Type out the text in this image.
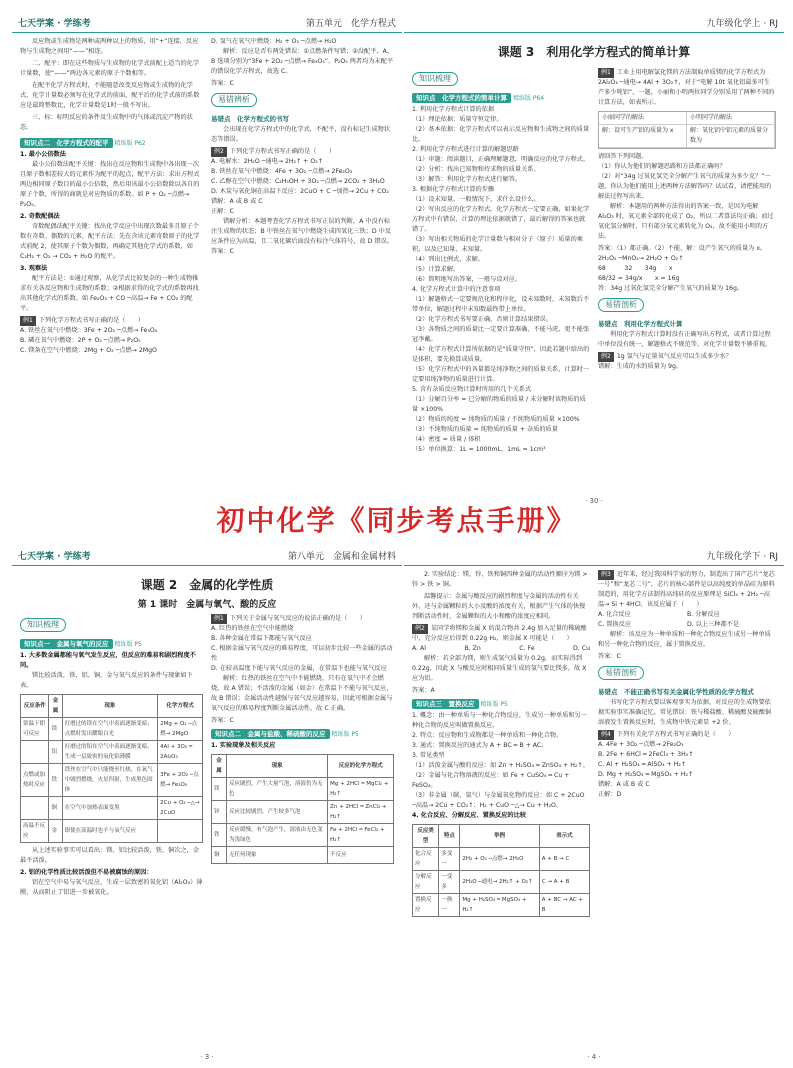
七天学案 · 学练考	第五单元　化学方程式

反应物或生成物是两种或两种以上的物质，用“+”连接，反应物与生成物之间用“——”相连。

二、配平：即在这些物质与生成物的化学式前配上适当的化学计量数，使“——”两边各元素的原子个数相等。

在配平化学方程式时，不能随意改变反应物或生成物的化学式，化学计量数必须写在化学式的前面，配平后的化学式前的系数应是最简整数比，化学计量数是1时一般不写出。

三、标：标明反应的条件及生成物中的气体或沉淀产物的状态。

知识点二　化学方程式的配平 精练版 P62
1. 最小公倍数法

最小公倍数法配平关键：找出在反应物和生成物中各出现一次且原子数相差较大的元素作为配平的起点，配平方法：求出方程式两边相同原子数目的最小公倍数，然后用该最小公倍数除以各自的原子个数，所得的商就是对应物质的系数。如 P + O₂ ─点燃→ P₂O₅。

2. 奇数配偶法

奇数配偶法配平关键：找出化学反应中出现次数最多且原子个数有奇数、偶数的元素，配平方法：先在含该元素奇数原子的化学式前配 2，使其原子个数为偶数，再确定其他化学式的系数，如 C₂H₂ + O₂ → CO₂ + H₂O 的配平。

3. 观察法

配平方法是：①通过观察，从化学式比较复杂的一种生成物推求有关各反应物和生成物的系数；②根据求得的化学式的系数再找出其他化学式的系数。如 Fe₂O₃ + CO ─高温→ Fe + CO₂ 的配平。

例1 下列化学方程式书写正确的是（　　）
A. 铁丝在氧气中燃烧：3Fe + 2O₂ ─点燃→ Fe₃O₄
B. 磷在氧气中燃烧：2P + O₂ ─点燃→ P₂O₅
C. 镁条在空气中燃烧：2Mg + O₂ ─点燃→ 2MgO
D. 氢气在氧气中燃烧：H₂ + O₂ ─点燃→ H₂O

解析：反应是否有两处错误：①点燃条件写错；②没配平。A、B 选项分别为“3Fe + 2O₂ ─点燃→ Fe₃O₄”、P₂O₅ 两者均为未配平的错误化学方程式，故选 C。

答案：C
易错辨析
易错点　化学方程式的书写

会出现在化学方程式中的化学式，不配平，没有标记生成物状态等错误。

例2 下列化学方程式书写正确的是（　　）
A. 电解水：2H₂O ─通电→ 2H₂↑ + O₂↑
B. 铁丝在氧气中燃烧：4Fe + 3O₂ ─点燃→ 2Fe₂O₃
C. 乙醇在空气中燃烧：C₂H₅OH + 3O₂ ─点燃→ 2CO₂ + 3H₂O
D. 木炭与氧化铜在高温下反应：2CuO + C ─加热→ 2Cu + CO₂
错解：A 或 B 或 C
正解：C

错解分析：本题考查化学方程式书写正误的判断，A 中没有标注生成物的状态；B 中铁丝在氧气中燃烧生成四氧化三铁；D 中反应条件应为高温，且二氧化碳后面没有标注气体符号，故 D 错误。答案：C

九年级化学上 · RJ
课题 3　利用化学方程式的简单计算
知识梳理
知识点　化学方程式的简单计算 精练版 P64
1. 利用化学方程式计算的依据
（1）理论依据：质量守恒定律。
（2）基本依据：化学方程式可以表示反应物和生成物之间的质量比。
2. 利用化学方程式进行计算的解题思路
（1）审题：阅读题目，正确理解题意，明确反应的化学方程式。
（2）分析：找出已知物和待求物的质量关系。
（3）解答：利用化学方程式进行解答。
3. 根据化学方程式计算的步骤
（1）设未知量，一般情况下，求什么设什么。
（2）写出反应的化学方程式。化学方程式一定要正确，如果化学方程式中有错误，计算的理论依据就错了，最后解得的答案也就错了。
（3）写出相关物质的化学计量数与相对分子（原子）质量的乘积，以及已知量、未知量。
（4）列出比例式，求解。
（5）计算求解。
（6）简明地写出答案，一般与设对应。
4. 化学方程式计算中的注意事项
（1）解题格式一定要规范化和程序化，设未知数时，未知数后不带单位，解题过程中未知数最终带上单位。
（2）化学方程式书写要正确，否则计算结果错误。
（3）各物质之间的质量比一定要计算准确，不能马虎，更不能张冠李戴。
（4）化学方程式计算所依据的是“质量守恒”，因此若题中给出的是体积，要先换算成质量。
（5）化学方程式中的各量都是纯净物之间的质量关系，计算时一定要用纯净物的质量进行计算。
5. 含有杂质反应物计算时所用的几个关系式
（1）分解百分率 = 已分解的物质的质量 / 未分解时该物质的质量 ×100%
（2）物质的纯度 = 纯物质的质量 / 不纯物质的质量 ×100%
（3）不纯物质的质量 = 纯物质的质量 + 杂质的质量
（4）密度 = 质量 / 体积
（5）单位换算：1L = 1000mL，1mL = 1cm³
例1 工业上用电解氯化镁的方法制取单质镁的化学方程式为 2Al₂O₃ ─通电→ 4Al + 3O₂↑，对于“电解 10t 氧化铝最多可生产多少吨铝”，一题，小丽和小明两位同学分别采用了两种不同的计算方法，如表所示。
小丽同学的解法	小明同学的解法
解：设可生产铝的质量为 x	解：氧化铝中铝元素的质量分数为
请回答下列问题。
（1）你认为他们的解题思路和方法都正确吗？
（2）对“34g 过氧化氢完全分解产生氧气的质量为多少克？”一题，你认为他们能用上述两种方法解答吗？试试看，请把能用的解法过程写出来。

解析：本题用的两种方法得出的答案一致，是因为电解 Al₂O₃ 时，氧元素全部转化成了 O₂，所以二者算法均正确；而过氧化氢分解时，只有部分氧元素转化为 O₂，故不能用小明的方法。

答案：（1）都正确。（2）不能，解：设产生氧气的质量为 x。
2H₂O₂ ─MnO₂→ 2H₂O + O₂↑
68　　　32　　34g　　x
68/32 = 34g/x　　x = 16g
答：34g 过氧化氢完全分解产生氧气的质量为 16g。
易错剖析
易错点　利用化学方程式计算

利用化学方程式计算时没有正确写出方程式，或者计算过程中单位没有统一，解题格式不规范等，对化学计量数不够重视。

例2 1g 氢气与足量氧气反应可以生成多少水？
错解：生成的水的质量为 9g。
· 30 ·
初中化学《同步考点手册》
七天学案 · 学练考	第八单元　金属和金属材料
课题 2　金属的化学性质
第 1 课时　金属与氧气、酸的反应
知识梳理
知识点一　金属与氧气的反应 精练版 P5
1. 大多数金属都能与氧气发生反应，但反应的难易和剧烈程度不同。

镁比较活泼，铁、铝、铜、金与氧气反应的条件与现象如下表。

反应条件	金属	现象	化学方程式
常温下即可反应	镁	打磨过的镁在空气中表面逐渐变暗；点燃时发出耀眼白光	2Mg + O₂ ─点燃→ 2MgO
	铝	打磨过的铝在空气中表面逐渐变暗，生成一层致密的氧化铝薄膜	4Al + 3O₂ ═ 2Al₂O₃
点燃或加热时反应	铁	铁丝在空气中只能烧至红热，在氧气中剧烈燃烧，火星四射，生成黑色固体	3Fe + 2O₂ ─点燃→ Fe₃O₄
	铜	在空气中加热表面变黑	2Cu + O₂ ─△→ 2CuO
高温不反应	金	即使在高温时也不与氧气反应	

从上述实验事实可以看出：镁、铝比较活泼，铁、铜次之，金最不活泼。

2. 铝的化学性质比较活泼但不易被腐蚀的原因：

铝在空气中易与氧气反应，生成一层致密的氧化铝（Al₂O₃）薄膜，从而阻止了铝进一步被氧化。

例1 下列关于金属与氧气反应的说法正确的是（　　）
A. 红热的铁丝在空气中能燃烧
B. 各种金属在常温下都能与氧气反应
C. 根据金属与氧气反应的难易程度，可以初步比较一些金属的活动性
D. 在较高温度下能与氧气反应的金属，在常温下也能与氧气反应

解析：红热的铁丝在空气中不能燃烧，只有在氧气中才会燃烧，故 A 错误；不活泼的金属（如金）在常温下不能与氧气反应，故 B 错误；金属活动性越强与氧气反应越容易，因此可根据金属与氧气反应的难易程度判断金属活动性，故 C 正确。

答案：C
知识点二　金属与盐酸、稀硫酸的反应 精练版 P5
1. 实验现象及相关反应
金属	现象	反应的化学方程式
镁	反应剧烈，产生大量气泡，溶液仍为无色	Mg + 2HCl ═ MgCl₂ + H₂↑
锌	反应比较剧烈，产生较多气泡	Zn + 2HCl ═ ZnCl₂ + H₂↑
铁	反应缓慢，有气泡产生，溶液由无色变为浅绿色	Fe + 2HCl ═ FeCl₂ + H₂↑
铜	无任何现象	不反应
· 3 ·
九年级化学下 · RJ

2. 实验结论：镁、锌、铁和铜四种金属的活动性顺序为镁 > 锌 > 铁 > 铜。

温馨提示：金属与酸反应的剧烈程度与金属的活动性有关外，还与金属颗粒的大小及酸的浓度有关，根据产生气体的快慢判断活动性时，金属颗粒的大小和酸的浓度应相同。

例2 某同学将镁和金属 X 的混合物共 2.4g 加入足量的稀硫酸中，充分反应后得到 0.22g H₂，则金属 X 可能是（　　）
A. Al	B. Zn	C. Fe	D. Cu

解析：若全部为镁，则生成氢气质量为 0.2g，而实际得到 0.22g，因此 X 与酸反应时相同质量生成的氢气要比镁多，故 X 应为铝。

答案：A
知识点三　置换反应 精练版 P5
1. 概念：由一种单质与一种化合物反应，生成另一种单质和另一种化合物的反应叫做置换反应。
2. 特点：反应物和生成物都是一种单质和一种化合物。
3. 通式：置换反应的通式为 A + BC ═ B + AC。
3. 常见类型
（1）活泼金属与酸的反应：如 Zn + H₂SO₄ ═ ZnSO₄ + H₂↑。
（2）金属与化合物溶液的反应：如 Fe + CuSO₄ ═ Cu + FeSO₄。
（3）非金属（碳、氢气）与金属氧化物的反应：如 C + 2CuO ─高温→ 2Cu + CO₂↑；H₂ + CuO ─△→ Cu + H₂O。
4. 化合反应、分解反应、置换反应的比较
反应类型	特点	举例	表示式
化合反应	多变一	2H₂ + O₂ ─点燃→ 2H₂O	A + B → C
分解反应	一变多	2H₂O ─通电→ 2H₂↑ + O₂↑	C → A + B
置换反应	一换一	Mg + H₂SO₄ ═ MgSO₄ + H₂↑	A + BC → AC + B
例3 近年来，经过我国科学家的努力，制造出了国产芯片“龙芯一号”和“龙芯二号”，芯片的核心部件是以高纯度的单晶硅为原料制造的，用化学方法制得高纯硅的反应原理是 SiCl₄ + 2H₂ ─高温→ Si + 4HCl，该反应属于（　　）
A. 化合反应	B. 分解反应
C. 置换反应	D. 以上三种都不是

解析：该反应为一种单质和一种化合物反应生成另一种单质和另一种化合物的反应，属于置换反应。

答案：C
易错剖析
易错点　不能正确书写有关金属化学性质的化学方程式

书写化学方程式要以客观事实为依据，对反应的生成物要依据实验事实准确记忆。常见错误：铁与稀盐酸、稀硫酸及硫酸铜溶液发生置换反应时，生成物中铁元素显 +2 价。

例4 下列有关化学方程式书写正确的是（　　）
A. 4Fe + 3O₂ ─点燃→ 2Fe₂O₃
B. 2Fe + 6HCl ═ 2FeCl₃ + 3H₂↑
C. Al + H₂SO₄ ═ AlSO₄ + H₂↑
D. Mg + H₂SO₄ ═ MgSO₄ + H₂↑
错解：A 或 B 或 C
正解：D
· 4 ·
